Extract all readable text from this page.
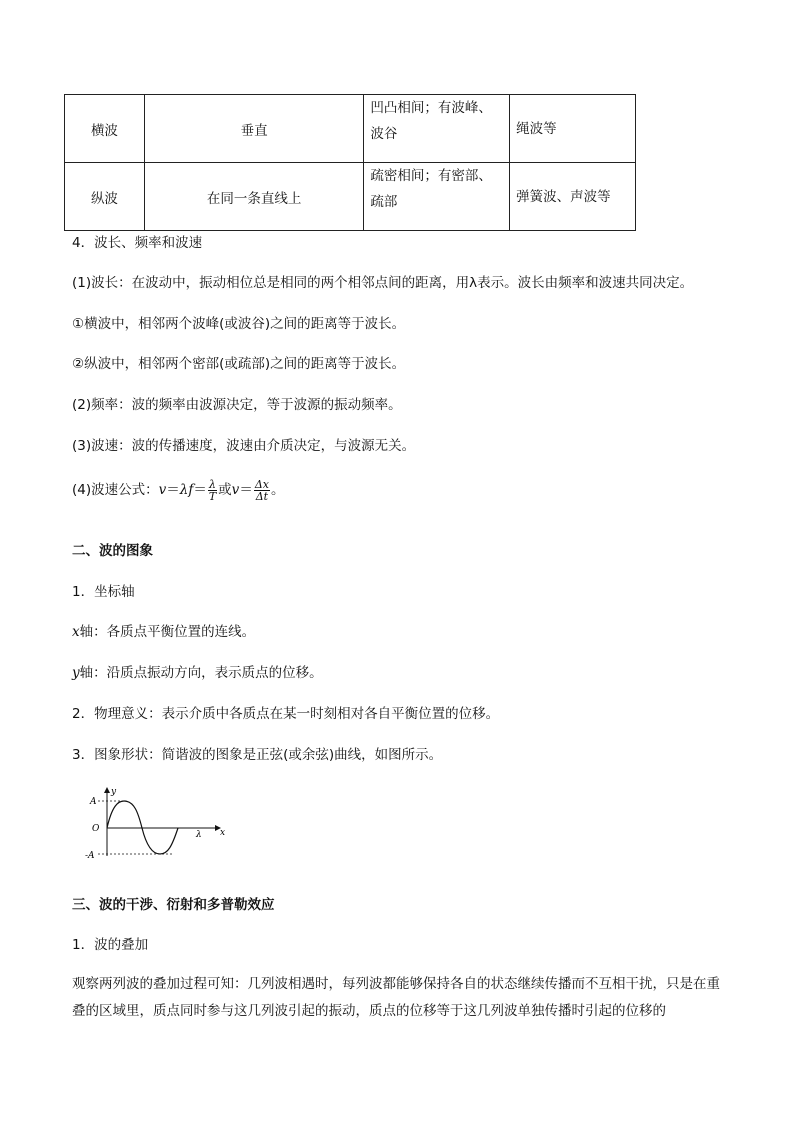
横波	垂直	凹凸相间；有波峰、波谷	绳波等
纵波	在同一条直线上	疏密相间；有密部、疏部	弹簧波、声波等
4．波长、频率和波速
(1)波长：在波动中，振动相位总是相同的两个相邻点间的距离，用λ表示。波长由频率和波速共同决定。
①横波中，相邻两个波峰(或波谷)之间的距离等于波长。
②纵波中，相邻两个密部(或疏部)之间的距离等于波长。
(2)频率：波的频率由波源决定，等于波源的振动频率。
(3)波速：波的传播速度，波速由介质决定，与波源无关。
(4)波速公式：$v=\lambda f= \frac{\lambda}{T}$ 或$v= \frac{\Delta x}{\Delta t}$ 。
二、波的图象
1．坐标轴
x轴：各质点平衡位置的连线。
y轴：沿质点振动方向，表示质点的位移。
2．物理意义：表示介质中各质点在某一时刻相对各自平衡位置的位移。
3．图象形状：简谐波的图象是正弦(或余弦)曲线，如图所示。
y
x
A
O
-A
λ
三、波的干涉、衍射和多普勒效应
1．波的叠加
观察两列波的叠加过程可知：几列波相遇时，每列波都能够保持各自的状态继续传播而不互相干扰，只是在重叠的区域里，质点同时参与这几列波引起的振动，质点的位移等于这几列波单独传播时引起的位移的
